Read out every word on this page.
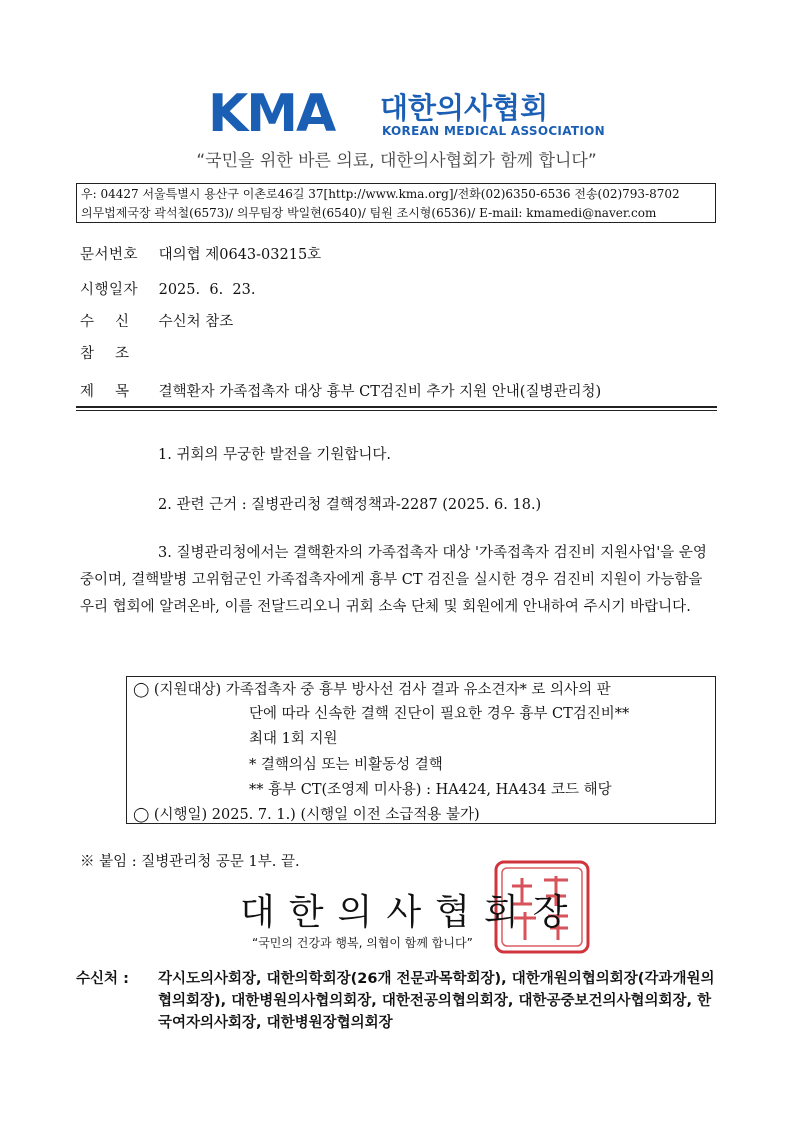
KMA 대한의사협회
KOREAN MEDICAL ASSOCIATION
“국민을 위한 바른 의료, 대한의사협회가 함께 합니다”
우: 04427 서울특별시 용산구 이촌로46길 37[http://www.kma.org]/전화(02)6350-6536 전송(02)793-8702
의무법제국장 곽석철(6573)/ 의무팀장 박일현(6540)/ 팀원 조시형(6536)/ E-mail: kmamedi@naver.com
문서번호 대의협 제0643-03215호
시행일자 2025.  6.  23.
수    신 수신처 참조
참    조
제    목 결핵환자 가족접촉자 대상 흉부 CT검진비 추가 지원 안내(질병관리청)
1. 귀회의 무궁한 발전을 기원합니다.
2. 관련 근거 : 질병관리청 결핵정책과-2287 (2025. 6. 18.)
3. 질병관리청에서는 결핵환자의 가족접촉자 대상 '가족접촉자 검진비 지원사업'을 운영중이며, 결핵발병 고위험군인 가족접촉자에게 흉부 CT 검진을 실시한 경우 검진비 지원이 가능함을 우리 협회에 알려온바, 이를 전달드리오니 귀회 소속 단체 및 회원에게 안내하여 주시기 바랍니다.
◯ (지원대상) 가족접촉자 중 흉부 방사선 검사 결과 유소견자* 로 의사의 판
단에 따라 신속한 결핵 진단이 필요한 경우 흉부 CT검진비**
최대 1회 지원
* 결핵의심 또는 비활동성 결핵
** 흉부 CT(조영제 미사용) : HA424, HA434 코드 해당
◯ (시행일) 2025. 7. 1.) (시행일 이전 소급적용 불가)
※ 붙임 : 질병관리청 공문 1부. 끝.
대한의사협회장
“국민의 건강과 행복, 의협이 함께 합니다”
수신처 : 각시도의사회장, 대한의학회장(26개 전문과목학회장), 대한개원의협의회장(각과개원의협의회장), 대한병원의사협의회장, 대한전공의협의회장, 대한공중보건의사협의회장, 한국여자의사회장, 대한병원장협의회장
